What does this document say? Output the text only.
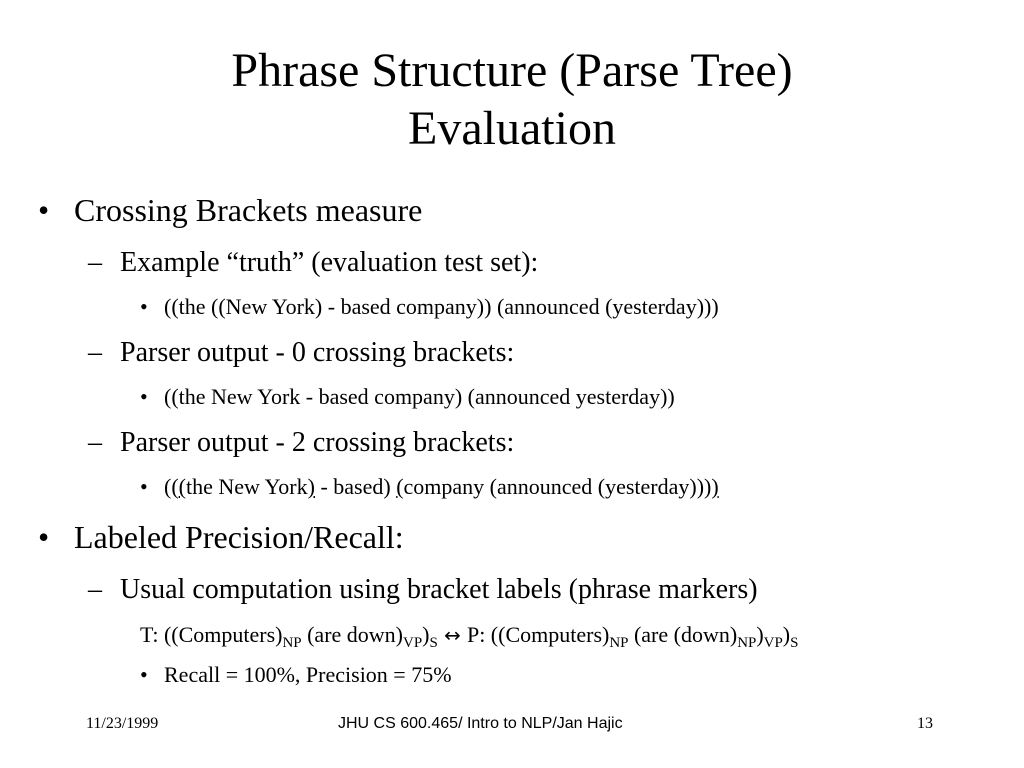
Phrase Structure (Parse Tree)
Evaluation
• Crossing Brackets measure
– Example “truth” (evaluation test set):
• ((the ((New York) - based company)) (announced (yesterday)))
– Parser output - 0 crossing brackets:
• ((the New York - based company) (announced yesterday))
– Parser output - 2 crossing brackets:
• (((the New York) - based) (company (announced (yesterday))))
• Labeled Precision/Recall:
– Usual computation using bracket labels (phrase markers)
T: ($(Computers)_{NP}$ (are $down)_{VP})_S$ ↔ P: ($(Computers)_{NP}$ (are $(down)_{NP})_{VP})_S$
• Recall = 100%, Precision = 75%
11/23/1999	JHU CS 600.465/ Intro to NLP/Jan Hajic	13
